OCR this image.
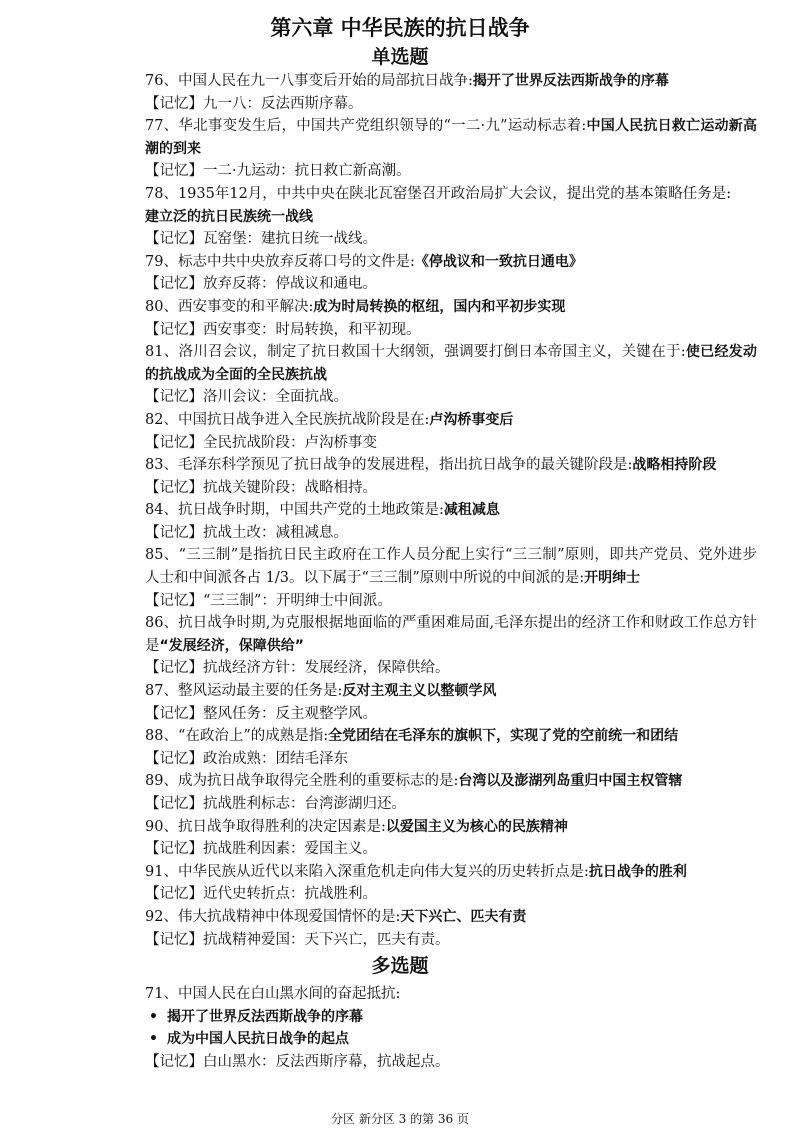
第六章 中华民族的抗日战争
单选题
76、中国人民在九一八事变后开始的局部抗日战争:揭开了世界反法西斯战争的序幕
【记忆】九一八：反法西斯序幕。
77、华北事变发生后，中国共产党组织领导的“一二·九”运动标志着:中国人民抗日救亡运动新高潮的到来
【记忆】一二·九运动：抗日救亡新高潮。
78、1935年12月，中共中央在陕北瓦窑堡召开政治局扩大会议，提出党的基本策略任务是:
建立泛的抗日民族统一战线
【记忆】瓦窑堡：建抗日统一战线。
79、标志中共中央放弃反蒋口号的文件是:《停战议和一致抗日通电》
【记忆】放弃反蒋：停战议和通电。
80、西安事变的和平解决:成为时局转换的枢纽，国内和平初步实现
【记忆】西安事变：时局转换，和平初现。
81、洛川召会议，制定了抗日救国十大纲领，强调要打倒日本帝国主义，关键在于:使已经发动的抗战成为全面的全民族抗战
【记忆】洛川会议：全面抗战。
82、中国抗日战争进入全民族抗战阶段是在:卢沟桥事变后
【记忆】全民抗战阶段：卢沟桥事变
83、毛泽东科学预见了抗日战争的发展进程，指出抗日战争的最关键阶段是:战略相持阶段
【记忆】抗战关键阶段：战略相持。
84、抗日战争时期，中国共产党的土地政策是:减租减息
【记忆】抗战土改：减租减息。
85、“三三制”是指抗日民主政府在工作人员分配上实行“三三制”原则，即共产党员、党外进步人士和中间派各占 1/3。以下属于“三三制”原则中所说的中间派的是:开明绅士
【记忆】“三三制”：开明绅士中间派。
86、抗日战争时期,为克服根据地面临的严重困难局面,毛泽东提出的经济工作和财政工作总方针是“发展经济，保障供给”
【记忆】抗战经济方针：发展经济，保障供给。
87、整风运动最主要的任务是:反对主观主义以整顿学风
【记忆】整风任务：反主观整学风。
88、“在政治上”的成熟是指:全党团结在毛泽东的旗帜下，实现了党的空前统一和团结
【记忆】政治成熟：团结毛泽东
89、成为抗日战争取得完全胜利的重要标志的是:台湾以及澎湖列岛重归中国主权管辖
【记忆】抗战胜利标志：台湾澎湖归还。
90、抗日战争取得胜利的决定因素是:以爱国主义为核心的民族精神
【记忆】抗战胜利因素：爱国主义。
91、中华民族从近代以来陷入深重危机走向伟大复兴的历史转折点是:抗日战争的胜利
【记忆】近代史转折点：抗战胜利。
92、伟大抗战精神中体现爱国情怀的是:天下兴亡、匹夫有责
【记忆】抗战精神爱国：天下兴亡，匹夫有责。
多选题
71、中国人民在白山黑水间的奋起抵抗:
• 揭开了世界反法西斯战争的序幕
• 成为中国人民抗日战争的起点
【记忆】白山黑水：反法西斯序幕，抗战起点。
分区 新分区 3 的第 36 页
